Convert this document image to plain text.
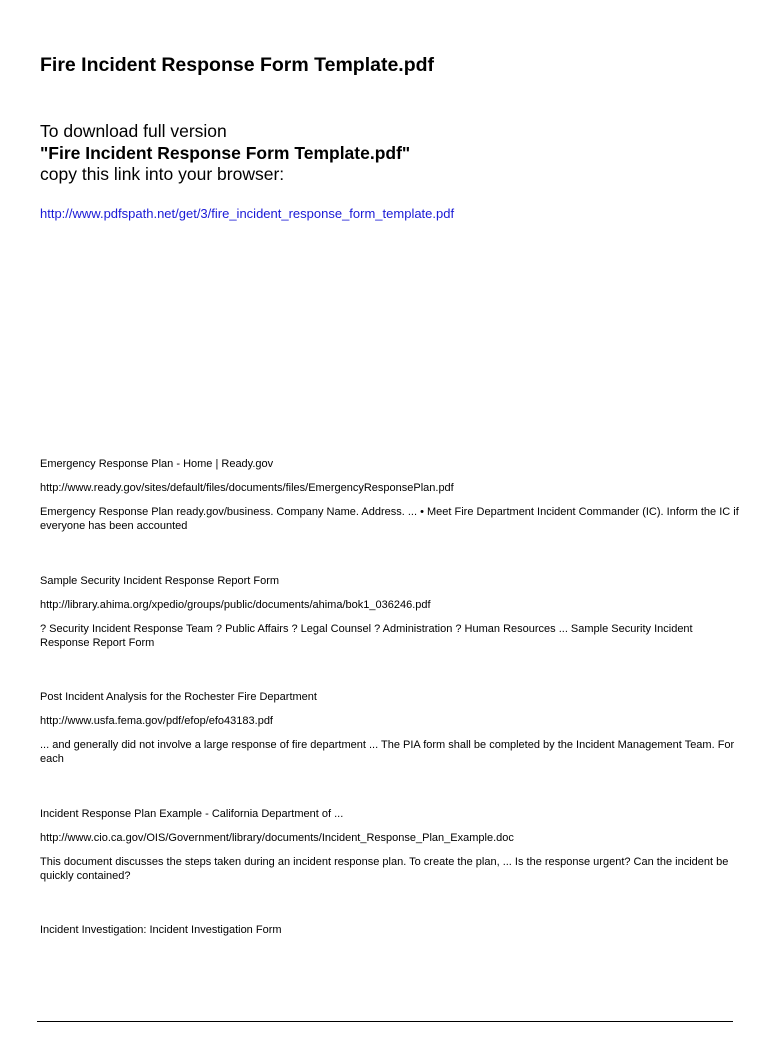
Fire Incident Response Form Template.pdf
To download full version
"Fire Incident Response Form Template.pdf"
copy this link into your browser:
http://www.pdfspath.net/get/3/fire_incident_response_form_template.pdf
Emergency Response Plan - Home | Ready.gov
http://www.ready.gov/sites/default/files/documents/files/EmergencyResponsePlan.pdf
Emergency Response Plan ready.gov/business. Company Name. Address. ... • Meet Fire Department Incident Commander (IC). Inform the IC if everyone has been accounted
Sample Security Incident Response Report Form
http://library.ahima.org/xpedio/groups/public/documents/ahima/bok1_036246.pdf
? Security Incident Response Team ? Public Affairs ? Legal Counsel ? Administration ? Human Resources ... Sample Security Incident Response Report Form
Post Incident Analysis for the Rochester Fire Department
http://www.usfa.fema.gov/pdf/efop/efo43183.pdf
... and generally did not involve a large response of fire department ... The PIA form shall be completed by the Incident Management Team. For each
Incident Response Plan Example - California Department of ...
http://www.cio.ca.gov/OIS/Government/library/documents/Incident_Response_Plan_Example.doc
This document discusses the steps taken during an incident response plan. To create the plan, ... Is the response urgent? Can the incident be quickly contained?
Incident Investigation: Incident Investigation Form
